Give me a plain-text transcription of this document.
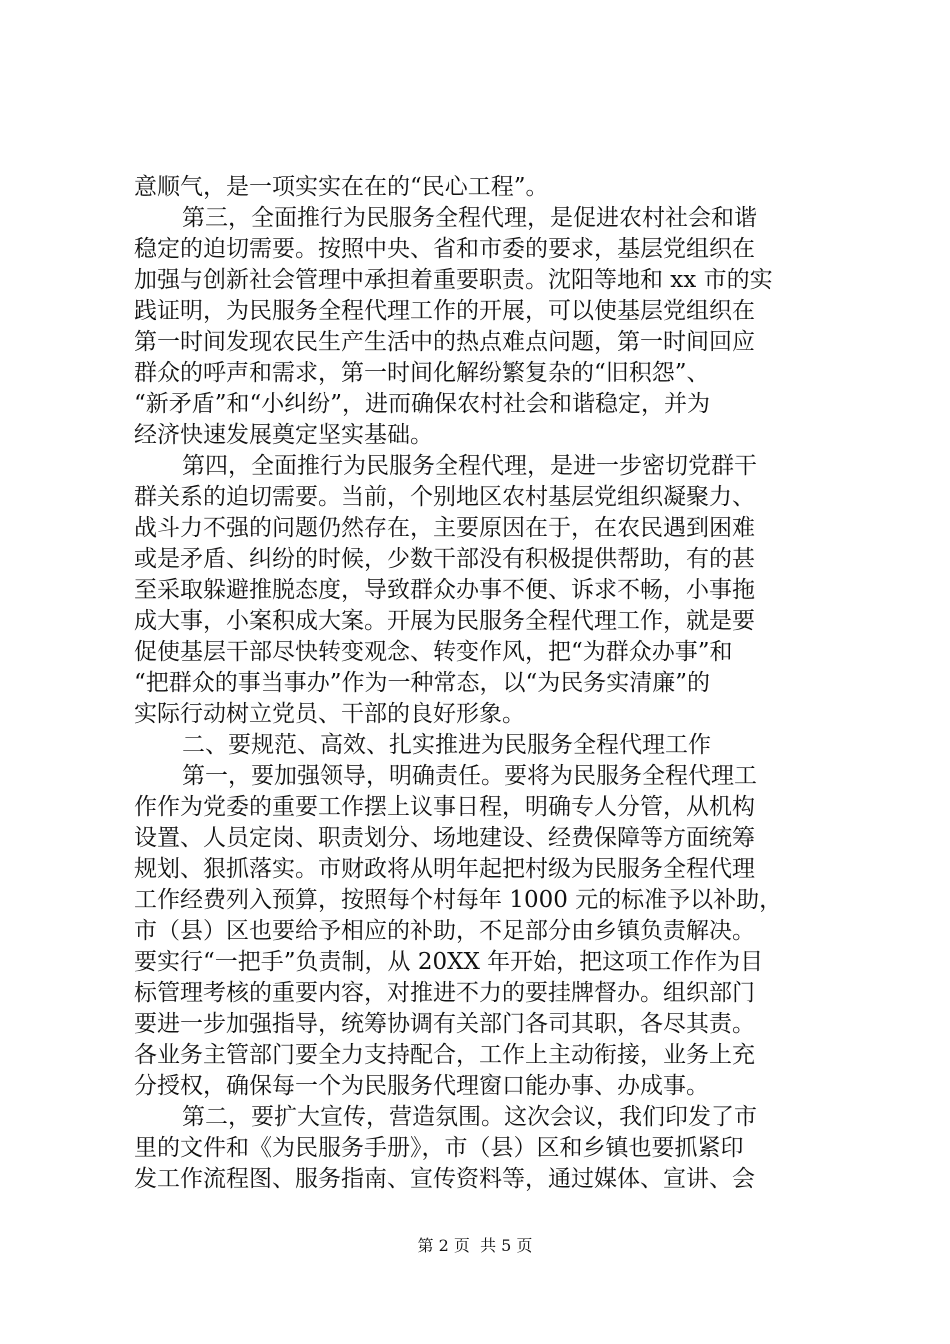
意顺气，是一项实实在在的“民心工程”。
第三，全面推行为民服务全程代理，是促进农村社会和谐
稳定的迫切需要。按照中央、省和市委的要求，基层党组织在
加强与创新社会管理中承担着重要职责。沈阳等地和 xx 市的实
践证明，为民服务全程代理工作的开展，可以使基层党组织在
第一时间发现农民生产生活中的热点难点问题，第一时间回应
群众的呼声和需求，第一时间化解纷繁复杂的“旧积怨”、
“新矛盾”和“小纠纷”，进而确保农村社会和谐稳定，并为
经济快速发展奠定坚实基础。
第四，全面推行为民服务全程代理，是进一步密切党群干
群关系的迫切需要。当前，个别地区农村基层党组织凝聚力、
战斗力不强的问题仍然存在，主要原因在于，在农民遇到困难
或是矛盾、纠纷的时候，少数干部没有积极提供帮助，有的甚
至采取躲避推脱态度，导致群众办事不便、诉求不畅，小事拖
成大事，小案积成大案。开展为民服务全程代理工作，就是要
促使基层干部尽快转变观念、转变作风，把“为群众办事”和
“把群众的事当事办”作为一种常态，以“为民务实清廉”的
实际行动树立党员、干部的良好形象。
二、要规范、高效、扎实推进为民服务全程代理工作
第一，要加强领导，明确责任。要将为民服务全程代理工
作作为党委的重要工作摆上议事日程，明确专人分管，从机构
设置、人员定岗、职责划分、场地建设、经费保障等方面统筹
规划、狠抓落实。市财政将从明年起把村级为民服务全程代理
工作经费列入预算，按照每个村每年 1000 元的标准予以补助，
市（县）区也要给予相应的补助，不足部分由乡镇负责解决。
要实行“一把手”负责制，从 20XX 年开始，把这项工作作为目
标管理考核的重要内容，对推进不力的要挂牌督办。组织部门
要进一步加强指导，统筹协调有关部门各司其职，各尽其责。
各业务主管部门要全力支持配合，工作上主动衔接，业务上充
分授权，确保每一个为民服务代理窗口能办事、办成事。
第二，要扩大宣传，营造氛围。这次会议，我们印发了市
里的文件和《为民服务手册》，市（县）区和乡镇也要抓紧印
发工作流程图、服务指南、宣传资料等，通过媒体、宣讲、会
第 2 页  共 5 页
